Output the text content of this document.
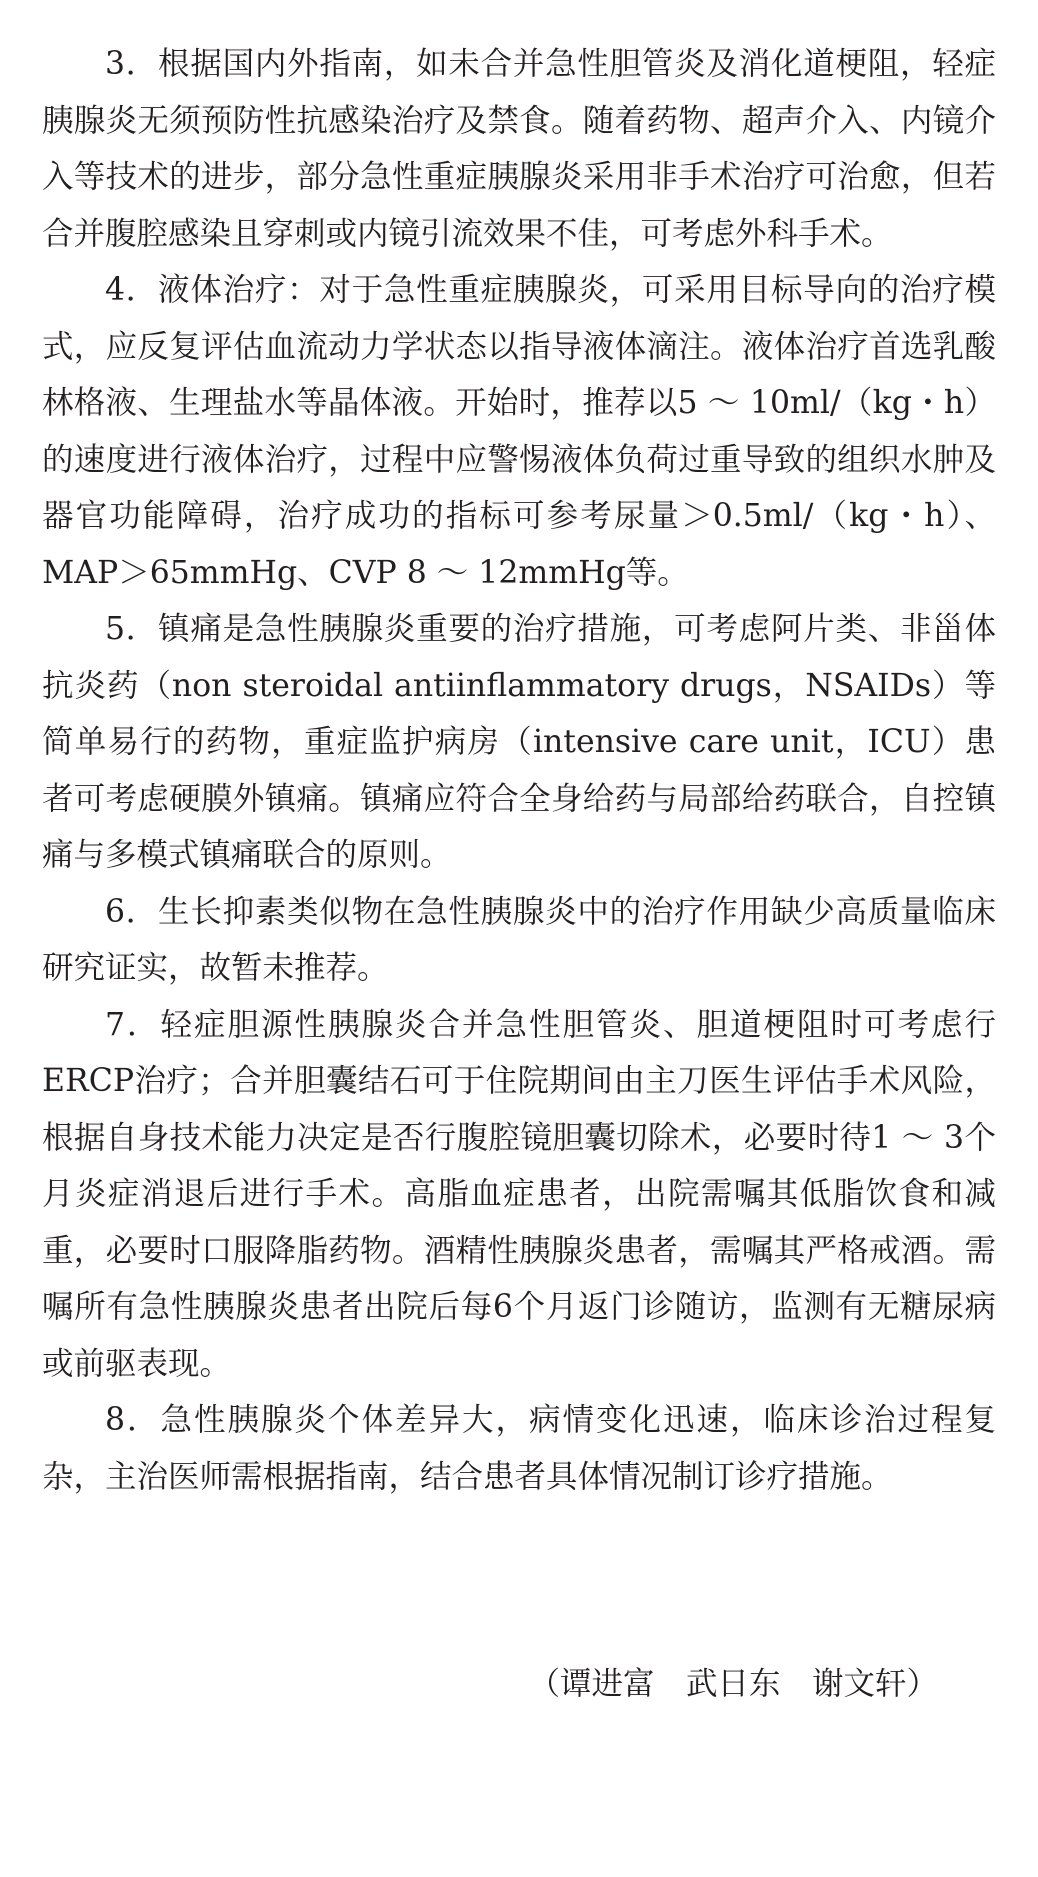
3．根据国内外指南，如未合并急性胆管炎及消化道梗阻，轻症胰腺炎无须预防性抗感染治疗及禁食。随着药物、超声介入、内镜介入等技术的进步，部分急性重症胰腺炎采用非手术治疗可治愈，但若合并腹腔感染且穿刺或内镜引流效果不佳，可考虑外科手术。

4．液体治疗：对于急性重症胰腺炎，可采用目标导向的治疗模式，应反复评估血流动力学状态以指导液体滴注。液体治疗首选乳酸林格液、生理盐水等晶体液。开始时，推荐以5 ～ 10ml/（kg・h）的速度进行液体治疗，过程中应警惕液体负荷过重导致的组织水肿及器官功能障碍，治疗成功的指标可参考尿量＞0.5ml/（kg・h）、MAP＞65mmHg、CVP 8 ～ 12mmHg等。

5．镇痛是急性胰腺炎重要的治疗措施，可考虑阿片类、非甾体抗炎药（non steroidal antiinflammatory drugs，NSAIDs）等简单易行的药物，重症监护病房（intensive care unit，ICU）患者可考虑硬膜外镇痛。镇痛应符合全身给药与局部给药联合，自控镇痛与多模式镇痛联合的原则。

6．生长抑素类似物在急性胰腺炎中的治疗作用缺少高质量临床研究证实，故暂未推荐。

7．轻症胆源性胰腺炎合并急性胆管炎、胆道梗阻时可考虑行ERCP治疗；合并胆囊结石可于住院期间由主刀医生评估手术风险，根据自身技术能力决定是否行腹腔镜胆囊切除术，必要时待1 ～ 3个月炎症消退后进行手术。高脂血症患者，出院需嘱其低脂饮食和减重，必要时口服降脂药物。酒精性胰腺炎患者，需嘱其严格戒酒。需嘱所有急性胰腺炎患者出院后每6个月返门诊随访，监测有无糖尿病或前驱表现。

8．急性胰腺炎个体差异大，病情变化迅速，临床诊治过程复杂，主治医师需根据指南，结合患者具体情况制订诊疗措施。

（谭进富　武日东　谢文轩）
